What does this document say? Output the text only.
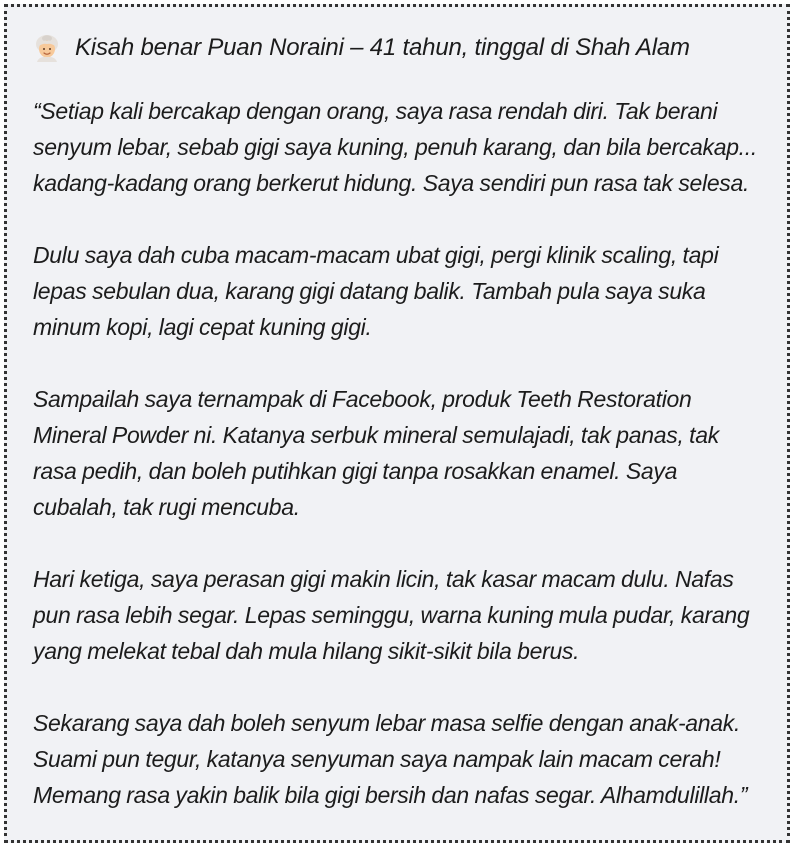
Kisah benar Puan Noraini – 41 tahun, tinggal di Shah Alam

“Setiap kali bercakap dengan orang, saya rasa rendah diri. Tak berani senyum lebar, sebab gigi saya kuning, penuh karang, dan bila bercakap... kadang-kadang orang berkerut hidung. Saya sendiri pun rasa tak selesa.

Dulu saya dah cuba macam-macam ubat gigi, pergi klinik scaling, tapi lepas sebulan dua, karang gigi datang balik. Tambah pula saya suka minum kopi, lagi cepat kuning gigi.

Sampailah saya ternampak di Facebook, produk Teeth Restoration Mineral Powder ni. Katanya serbuk mineral semulajadi, tak panas, tak rasa pedih, dan boleh putihkan gigi tanpa rosakkan enamel. Saya cubalah, tak rugi mencuba.

Hari ketiga, saya perasan gigi makin licin, tak kasar macam dulu. Nafas pun rasa lebih segar. Lepas seminggu, warna kuning mula pudar, karang yang melekat tebal dah mula hilang sikit-sikit bila berus.

Sekarang saya dah boleh senyum lebar masa selfie dengan anak-anak. Suami pun tegur, katanya senyuman saya nampak lain macam cerah! Memang rasa yakin balik bila gigi bersih dan nafas segar. Alhamdulillah.”
